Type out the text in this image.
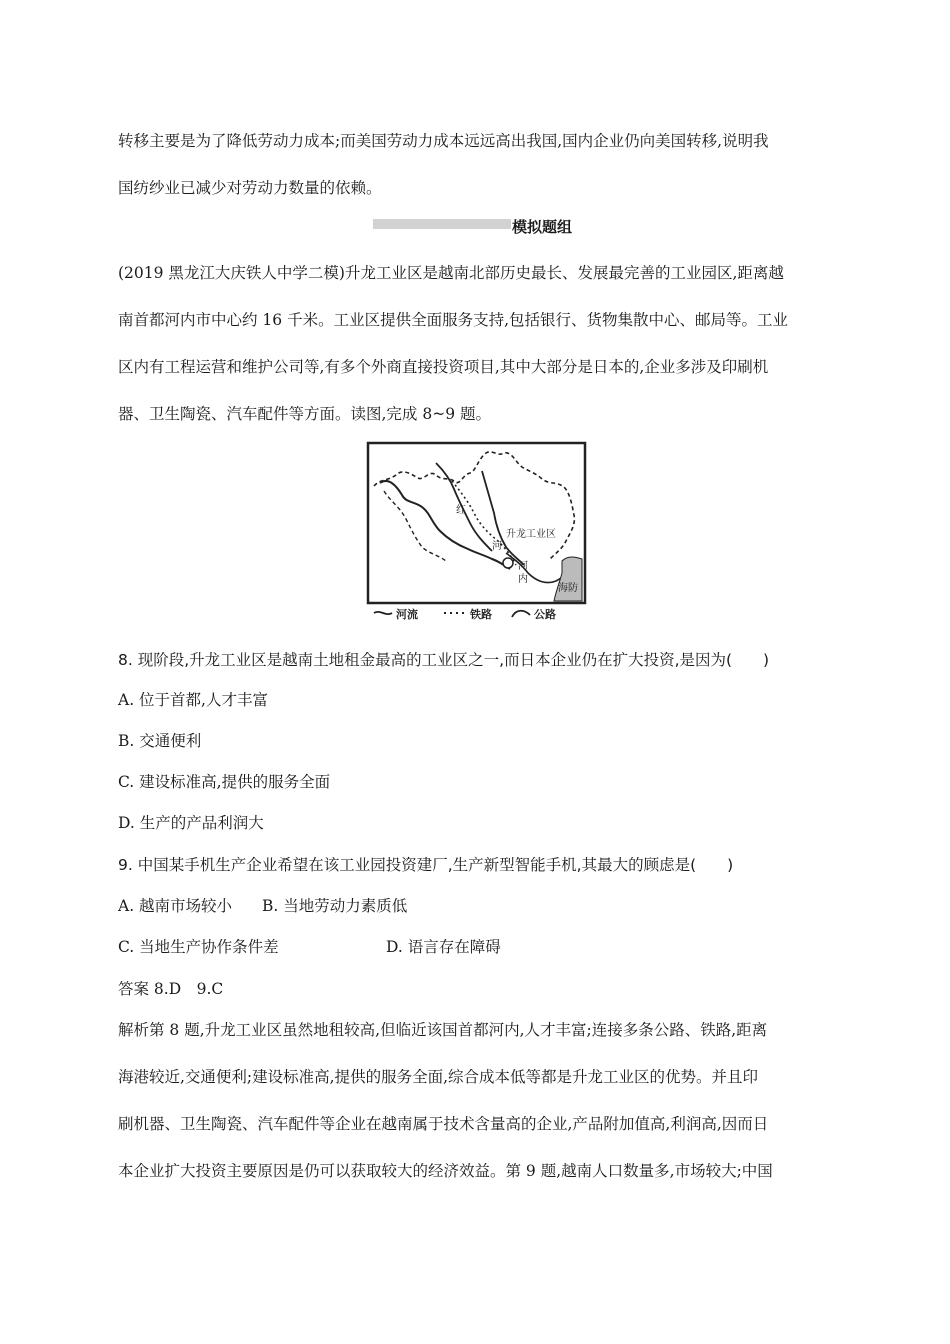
转移主要是为了降低劳动力成本;而美国劳动力成本远远高出我国,国内企业仍向美国转移,说明我
国纺纱业已减少对劳动力数量的依赖。
模拟题组
(2019 黑龙江大庆铁人中学二模)升龙工业区是越南北部历史最长、发展最完善的工业园区,距离越
南首都河内市中心约 16 千米。工业区提供全面服务支持,包括银行、货物集散中心、邮局等。工业
区内有工程运营和维护公司等,有多个外商直接投资项目,其中大部分是日本的,企业多涉及印刷机
器、卫生陶瓷、汽车配件等方面。读图,完成 8~9 题。
红
河
升龙工业区
河
内
海防
河流	铁路	公路
8. 现阶段,升龙工业区是越南土地租金最高的工业区之一,而日本企业仍在扩大投资,是因为(　　)
A. 位于首都,人才丰富
B. 交通便利
C. 建设标准高,提供的服务全面
D. 生产的产品利润大
9. 中国某手机生产企业希望在该工业园投资建厂,生产新型智能手机,其最大的顾虑是(　　)
A. 越南市场较小 B. 当地劳动力素质低
C. 当地生产协作条件差	D. 语言存在障碍
答案 8.D　9.C
解析第 8 题,升龙工业区虽然地租较高,但临近该国首都河内,人才丰富;连接多条公路、铁路,距离
海港较近,交通便利;建设标准高,提供的服务全面,综合成本低等都是升龙工业区的优势。并且印
刷机器、卫生陶瓷、汽车配件等企业在越南属于技术含量高的企业,产品附加值高,利润高,因而日
本企业扩大投资主要原因是仍可以获取较大的经济效益。第 9 题,越南人口数量多,市场较大;中国
